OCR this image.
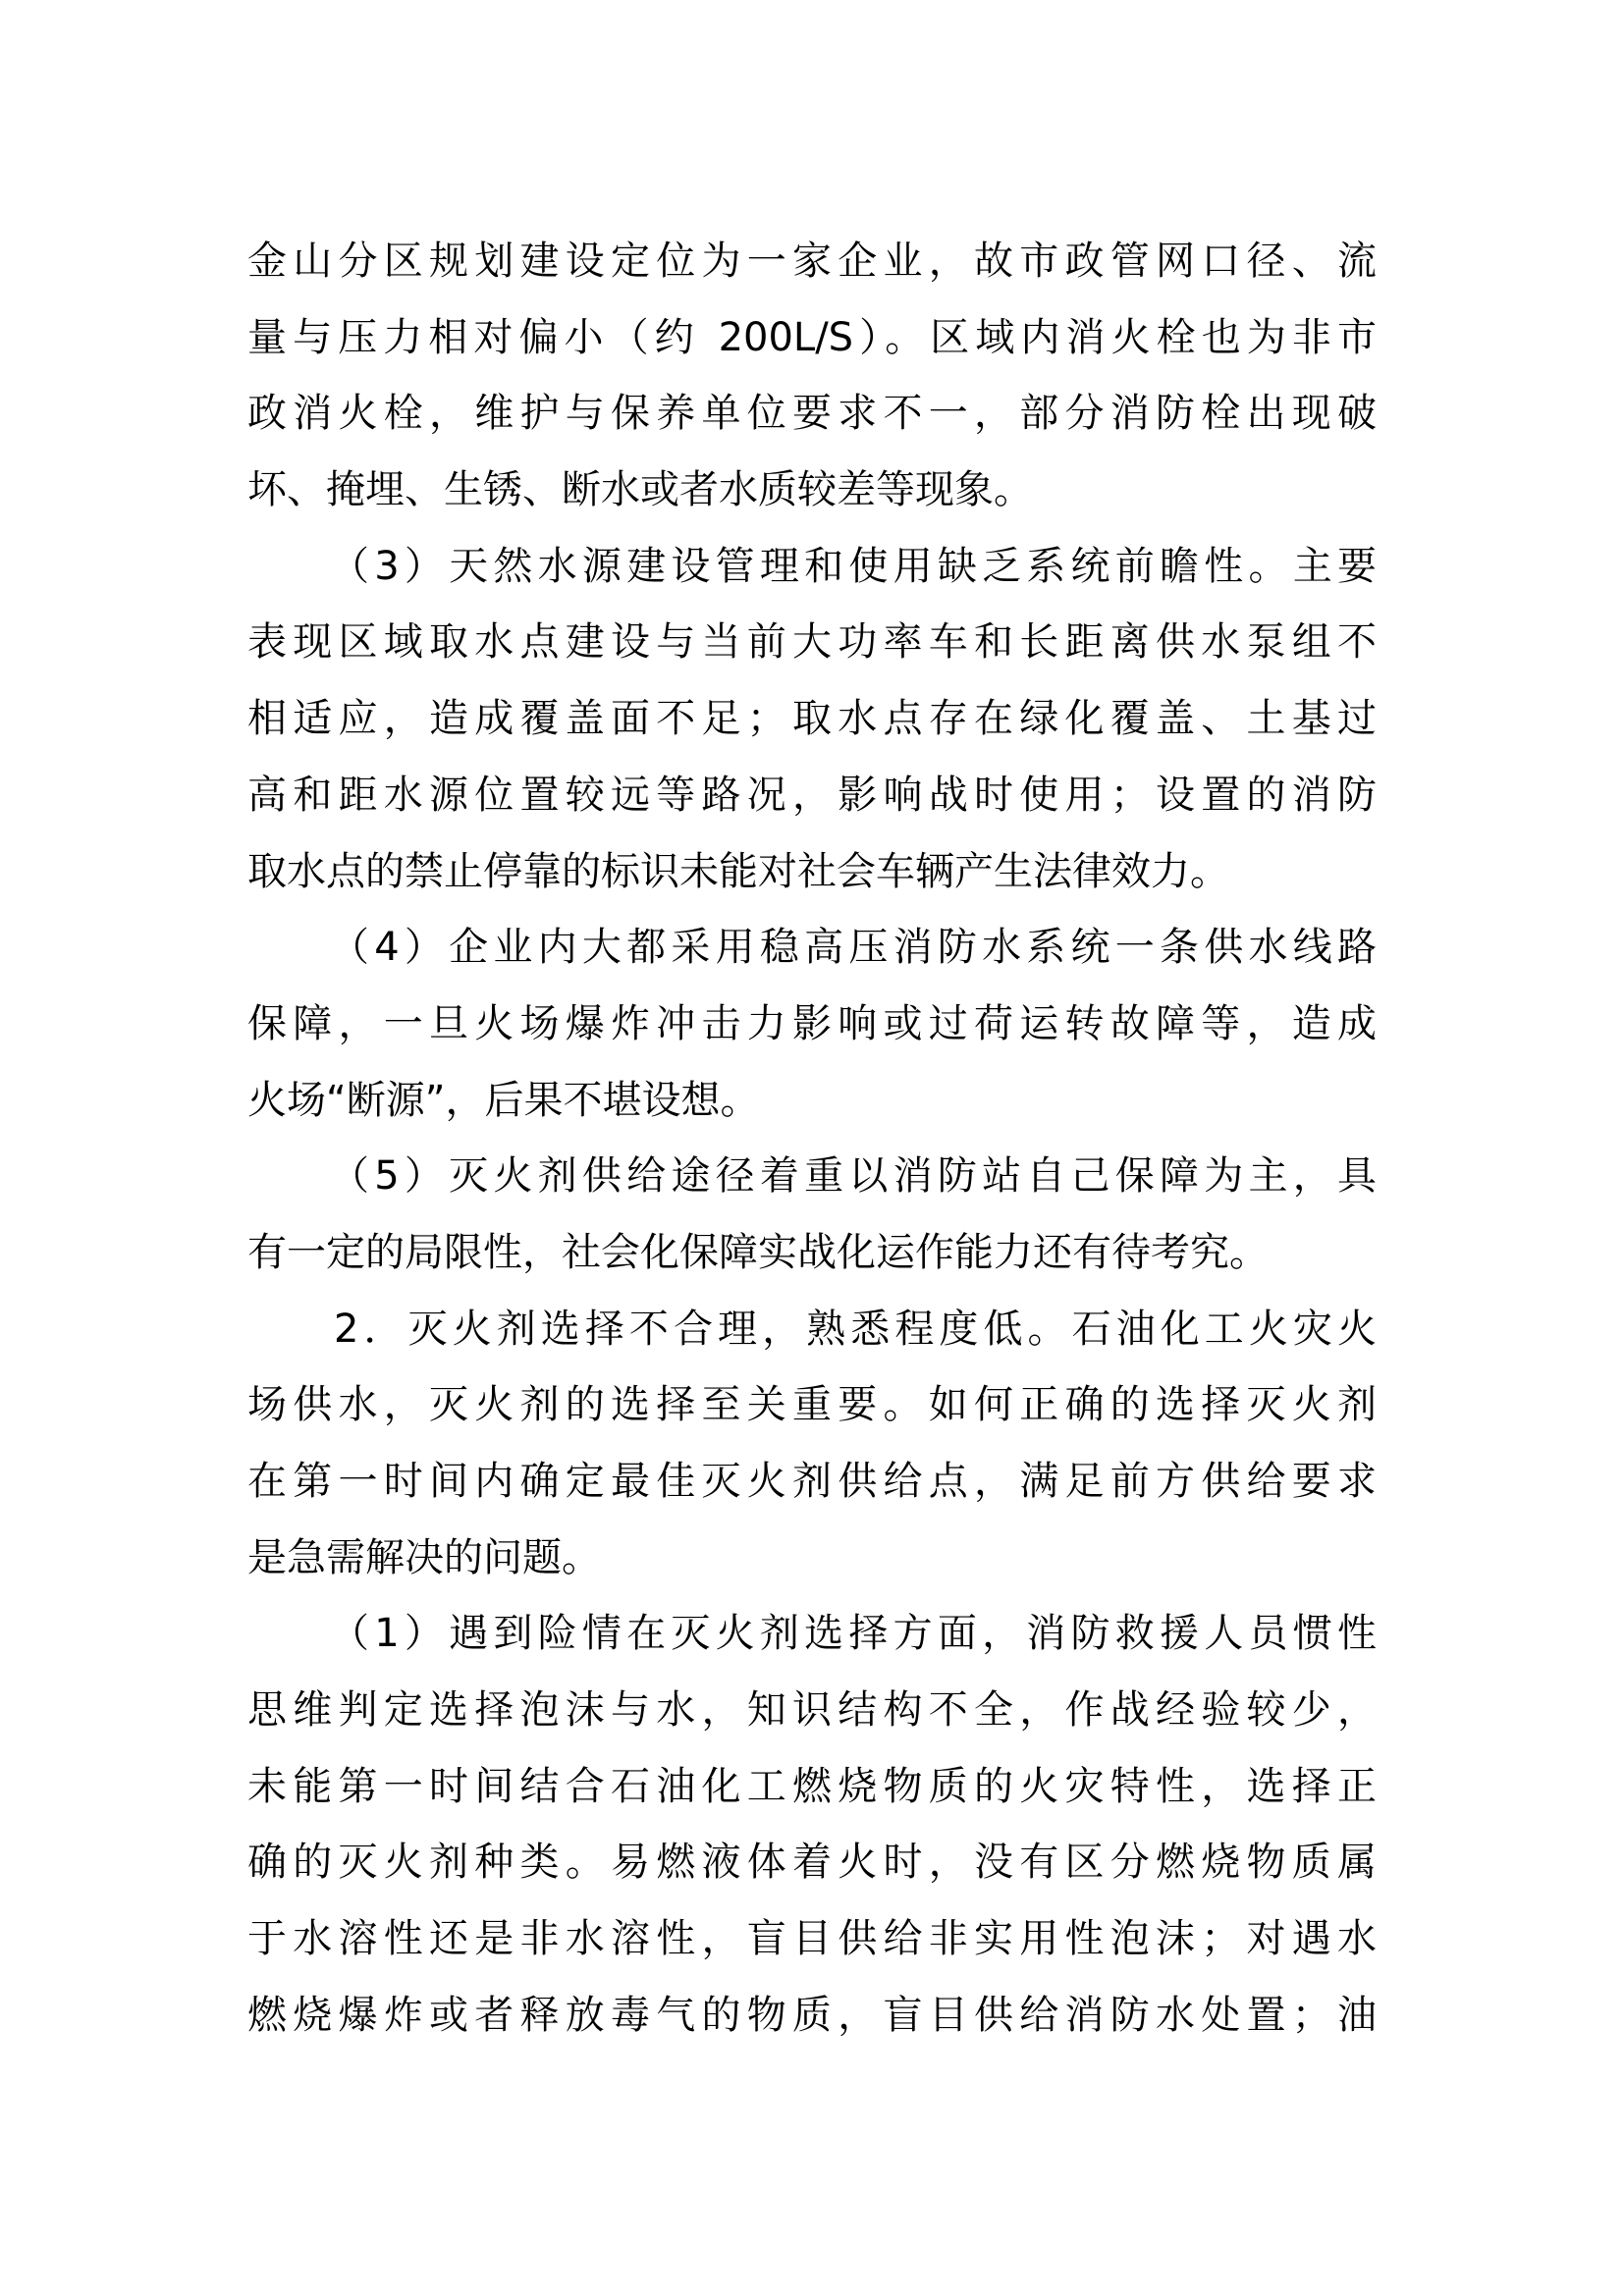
金山分区规划建设定位为一家企业，故市政管网口径、流
量与压力相对偏小（约 200L/S）。区域内消火栓也为非市
政消火栓，维护与保养单位要求不一，部分消防栓出现破
坏、掩埋、生锈、断水或者水质较差等现象。
（3）天然水源建设管理和使用缺乏系统前瞻性。主要
表现区域取水点建设与当前大功率车和长距离供水泵组不
相适应，造成覆盖面不足；取水点存在绿化覆盖、土基过
高和距水源位置较远等路况，影响战时使用；设置的消防
取水点的禁止停靠的标识未能对社会车辆产生法律效力。
（4）企业内大都采用稳高压消防水系统一条供水线路
保障，一旦火场爆炸冲击力影响或过荷运转故障等，造成
火场“断源”，后果不堪设想。
（5）灭火剂供给途径着重以消防站自己保障为主，具
有一定的局限性，社会化保障实战化运作能力还有待考究。
2．灭火剂选择不合理，熟悉程度低。石油化工火灾火
场供水，灭火剂的选择至关重要。如何正确的选择灭火剂
在第一时间内确定最佳灭火剂供给点，满足前方供给要求
是急需解决的问题。
（1）遇到险情在灭火剂选择方面，消防救援人员惯性
思维判定选择泡沫与水，知识结构不全，作战经验较少，
未能第一时间结合石油化工燃烧物质的火灾特性，选择正
确的灭火剂种类。易燃液体着火时，没有区分燃烧物质属
于水溶性还是非水溶性，盲目供给非实用性泡沫；对遇水
燃烧爆炸或者释放毒气的物质，盲目供给消防水处置；油
